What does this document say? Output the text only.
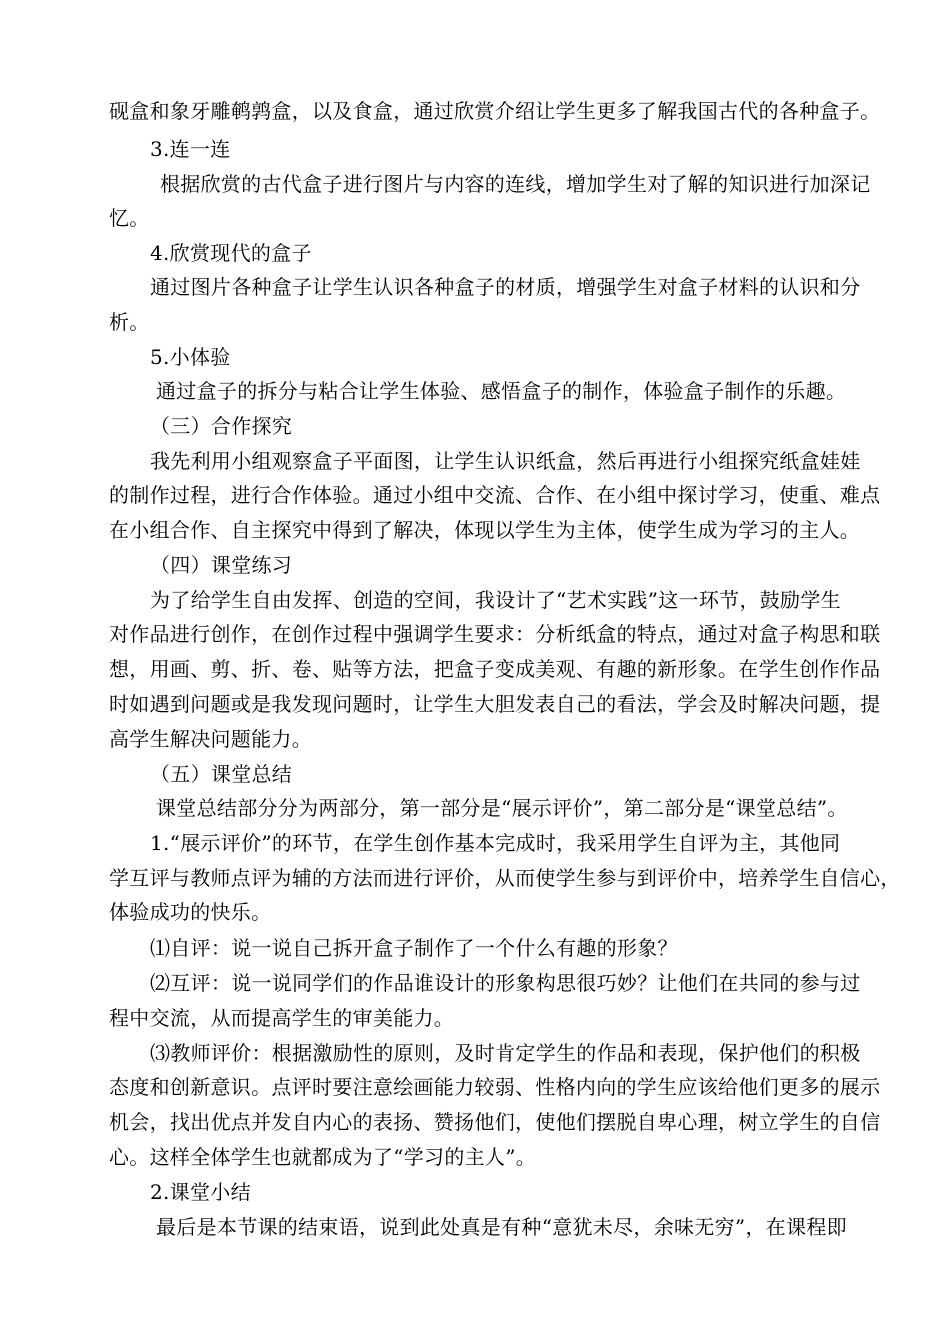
砚盒和象牙雕鹌鹑盒，以及食盒，通过欣赏介绍让学生更多了解我国古代的各种盒子。
3.连一连
根据欣赏的古代盒子进行图片与内容的连线，增加学生对了解的知识进行加深记
忆。
4.欣赏现代的盒子
通过图片各种盒子让学生认识各种盒子的材质，增强学生对盒子材料的认识和分
析。
5.小体验
通过盒子的拆分与粘合让学生体验、感悟盒子的制作，体验盒子制作的乐趣。
（三）合作探究
我先利用小组观察盒子平面图，让学生认识纸盒，然后再进行小组探究纸盒娃娃
的制作过程，进行合作体验。通过小组中交流、合作、在小组中探讨学习，使重、难点
在小组合作、自主探究中得到了解决，体现以学生为主体，使学生成为学习的主人。
（四）课堂练习
为了给学生自由发挥、创造的空间，我设计了“艺术实践”这一环节，鼓励学生
对作品进行创作，在创作过程中强调学生要求：分析纸盒的特点，通过对盒子构思和联
想，用画、剪、折、卷、贴等方法，把盒子变成美观、有趣的新形象。在学生创作作品
时如遇到问题或是我发现问题时，让学生大胆发表自己的看法，学会及时解决问题，提
高学生解决问题能力。
（五）课堂总结
课堂总结部分分为两部分，第一部分是“展示评价”，第二部分是“课堂总结”。
1.“展示评价”的环节，在学生创作基本完成时，我采用学生自评为主，其他同
学互评与教师点评为辅的方法而进行评价，从而使学生参与到评价中，培养学生自信心，
体验成功的快乐。
⑴自评：说一说自己拆开盒子制作了一个什么有趣的形象？
⑵互评：说一说同学们的作品谁设计的形象构思很巧妙？让他们在共同的参与过
程中交流，从而提高学生的审美能力。
⑶教师评价：根据激励性的原则，及时肯定学生的作品和表现，保护他们的积极
态度和创新意识。点评时要注意绘画能力较弱、性格内向的学生应该给他们更多的展示
机会，找出优点并发自内心的表扬、赞扬他们，使他们摆脱自卑心理，树立学生的自信
心。这样全体学生也就都成为了“学习的主人”。
2.课堂小结
最后是本节课的结束语，说到此处真是有种“意犹未尽，余味无穷”，在课程即
